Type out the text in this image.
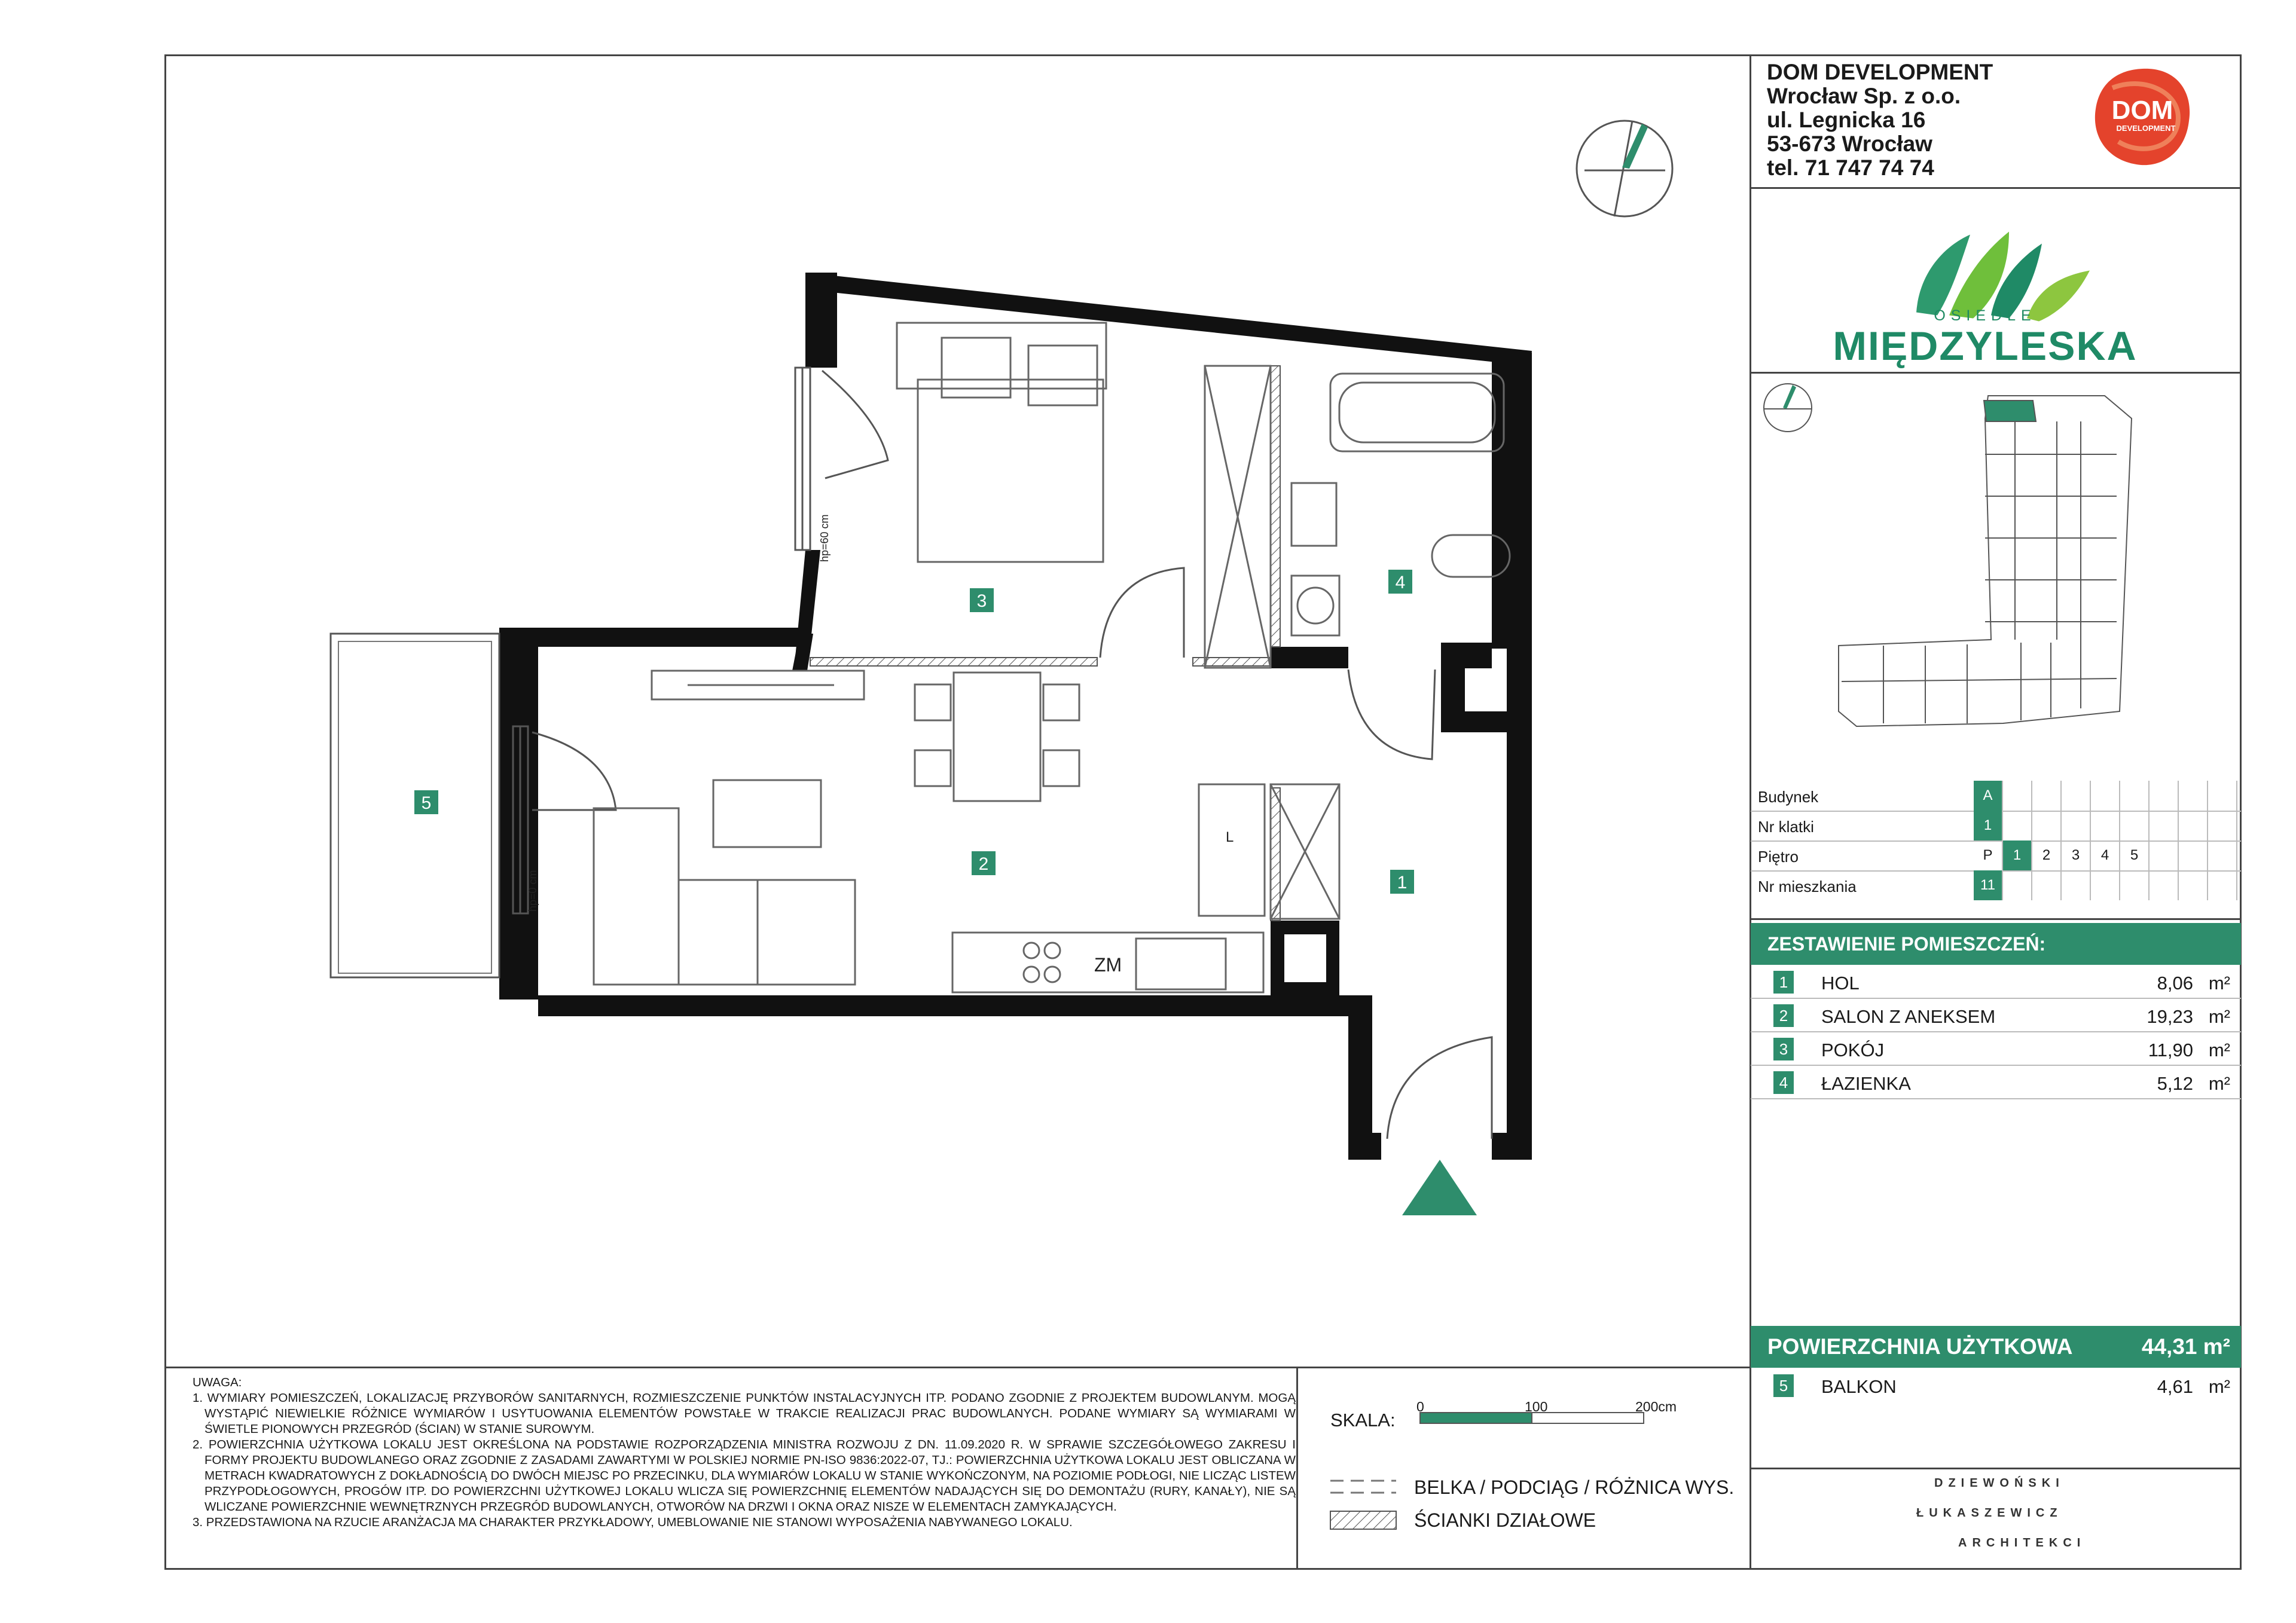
1
2
3
4
5
ZM
L
hp=60 cm
hp=0 cm
DOM DEVELOPMENT
Wrocław Sp. z o.o.
ul. Legnicka 16
53-673 Wrocław
tel. 71 747 74 74
DOM
DEVELOPMENT
OSIEDLE
MIĘDZYLESKA
Budynek	A
Nr klatki	1
Piętro	P	1	2	3	4	5
Nr mieszkania	11
ZESTAWIENIE POMIESZCZEŃ:
1	HOL	8,06 m²
2	SALON Z ANEKSEM	19,23 m²
3	POKÓJ	11,90 m²
4	ŁAZIENKA	5,12 m²
POWIERZCHNIA UŻYTKOWA	44,31 m²
5	BALKON	4,61 m²

UWAGA:

1. WYMIARY POMIESZCZEŃ, LOKALIZACJĘ PRZYBORÓW SANITARNYCH, ROZMIESZCZENIE PUNKTÓW INSTALACYJNYCH ITP. PODANO ZGODNIE Z PROJEKTEM BUDOWLANYM. MOGĄ WYSTĄPIĆ NIEWIELKIE RÓŻNICE WYMIARÓW I USYTUOWANIA ELEMENTÓW POWSTAŁE W TRAKCIE REALIZACJI PRAC BUDOWLANYCH. PODANE WYMIARY SĄ WYMIARAMI W ŚWIETLE PIONOWYCH PRZEGRÓD (ŚCIAN) W STANIE SUROWYM.

2. POWIERZCHNIA UŻYTKOWA LOKALU JEST OKREŚLONA NA PODSTAWIE ROZPORZĄDZENIA MINISTRA ROZWOJU Z DN. 11.09.2020 R. W SPRAWIE SZCZEGÓŁOWEGO ZAKRESU I FORMY PROJEKTU BUDOWLANEGO ORAZ ZGODNIE Z ZASADAMI ZAWARTYMI W POLSKIEJ NORMIE PN-ISO 9836:2022-07, TJ.: POWIERZCHNIA UŻYTKOWA LOKALU JEST OBLICZANA W METRACH KWADRATOWYCH Z DOKŁADNOŚCIĄ DO DWÓCH MIEJSC PO PRZECINKU, DLA WYMIARÓW LOKALU W STANIE WYKOŃCZONYM, NA POZIOMIE PODŁOGI, NIE LICZĄC LISTEW PRZYPODŁOGOWYCH, PROGÓW ITP. DO POWIERZCHNI UŻYTKOWEJ LOKALU WLICZA SIĘ POWIERZCHNIĘ ELEMENTÓW NADAJĄCYCH SIĘ DO DEMONTAŻU (RURY, KANAŁY), NIE SĄ WLICZANE POWIERZCHNIE WEWNĘTRZNYCH PRZEGRÓD BUDOWLANYCH, OTWORÓW NA DRZWI I OKNA ORAZ NISZE W ELEMENTACH ZAMYKAJĄCYCH.

3. PRZEDSTAWIONA NA RZUCIE ARANŻACJA MA CHARAKTER PRZYKŁADOWY, UMEBLOWANIE NIE STANOWI WYPOSAŻENIA NABYWANEGO LOKALU.

SKALA:
0	100	200cm
BELKA / PODCIĄG / RÓŻNICA WYS.
ŚCIANKI DZIAŁOWE
DZIEWOŃSKI
ŁUKASZEWICZ
ARCHITEKCI
